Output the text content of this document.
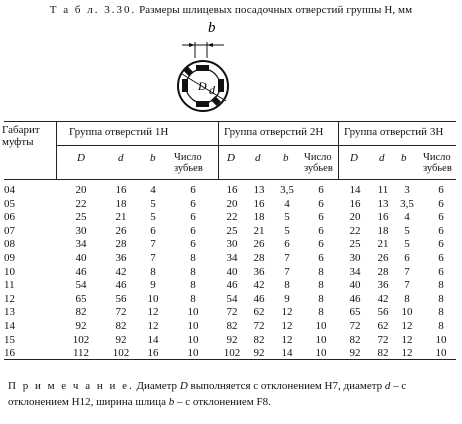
Т а б л. 3.30. Размеры шлицевых посадочных отверстий группы Н, мм
b
D d
Габарит
муфты
Группа отверстий 1Н	Группа отверстий 2Н Группа отверстий 3Н
D	d b Число
зубьев
D d b Число
зубьев
D d b Число
зубьев
04	20	16	4	6	16	13	3,5	6	14	11	3	6
05	22	18	5	6	20	16	4	6	16	13	3,5	6
06	25	21	5	6	22	18	5	6	20	16	4	6
07	30	26	6	6	25	21	5	6	22	18	5	6
08	34	28	7	6	30	26	6	6	25	21	5	6
09	40	36	7	8	34	28	7	6	30	26	6	6
10	46	42	8	8	40	36	7	8	34	28	7	6
11	54	46	9	8	46	42	8	8	40	36	7	8
12	65	56	10	8	54	46	9	8	46	42	8	8
13	82	72	12	10	72	62	12	8	65	56	10	8
14	92	82	12	10	82	72	12	10	72	62	12	8
15	102	92	14	10	92	82	12	10	82	72	12	10
16	112	102	16	10	102	92	14	10	92	82	12	10
П р и м е ч а н и е. Диаметр D выполняется с отклонением Н7, диаметр d – с отклонением Н12, ширина шлица b – с отклонением F8.
